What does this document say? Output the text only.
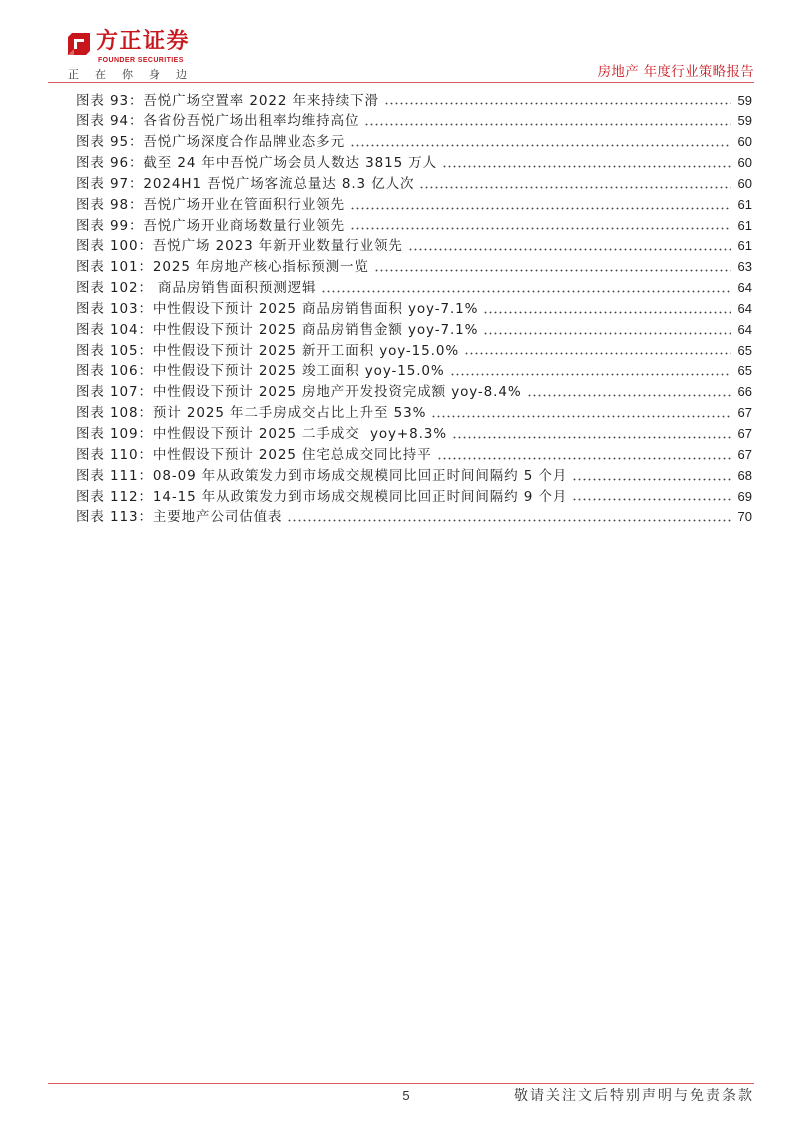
方正证券
FOUNDER SECURITIES
正在你身边	房地产 年度行业策略报告
图表 93： 吾悦广场空置率 2022 年来持续下滑	59
图表 94： 各省份吾悦广场出租率均维持高位	59
图表 95： 吾悦广场深度合作品牌业态多元	60
图表 96： 截至 24 年中吾悦广场会员人数达 3815 万人	60
图表 97： 2024H1 吾悦广场客流总量达 8.3 亿人次	60
图表 98： 吾悦广场开业在管面积行业领先	61
图表 99： 吾悦广场开业商场数量行业领先	61
图表 100： 吾悦广场 2023 年新开业数量行业领先	61
图表 101： 2025 年房地产核心指标预测一览	63
图表 102： 商品房销售面积预测逻辑	64
图表 103： 中性假设下预计 2025 商品房销售面积 yoy-7.1%	64
图表 104： 中性假设下预计 2025 商品房销售金额 yoy-7.1%	64
图表 105： 中性假设下预计 2025 新开工面积 yoy-15.0%	65
图表 106： 中性假设下预计 2025 竣工面积 yoy-15.0%	65
图表 107： 中性假设下预计 2025 房地产开发投资完成额 yoy-8.4%	66
图表 108： 预计 2025 年二手房成交占比上升至 53%	67
图表 109： 中性假设下预计 2025 二手成交  yoy+8.3%	67
图表 110： 中性假设下预计 2025 住宅总成交同比持平	67
图表 111： 08-09 年从政策发力到市场成交规模同比回正时间间隔约 5 个月	68
图表 112： 14-15 年从政策发力到市场成交规模同比回正时间间隔约 9 个月	69
图表 113： 主要地产公司估值表	70
5	敬请关注文后特别声明与免责条款
